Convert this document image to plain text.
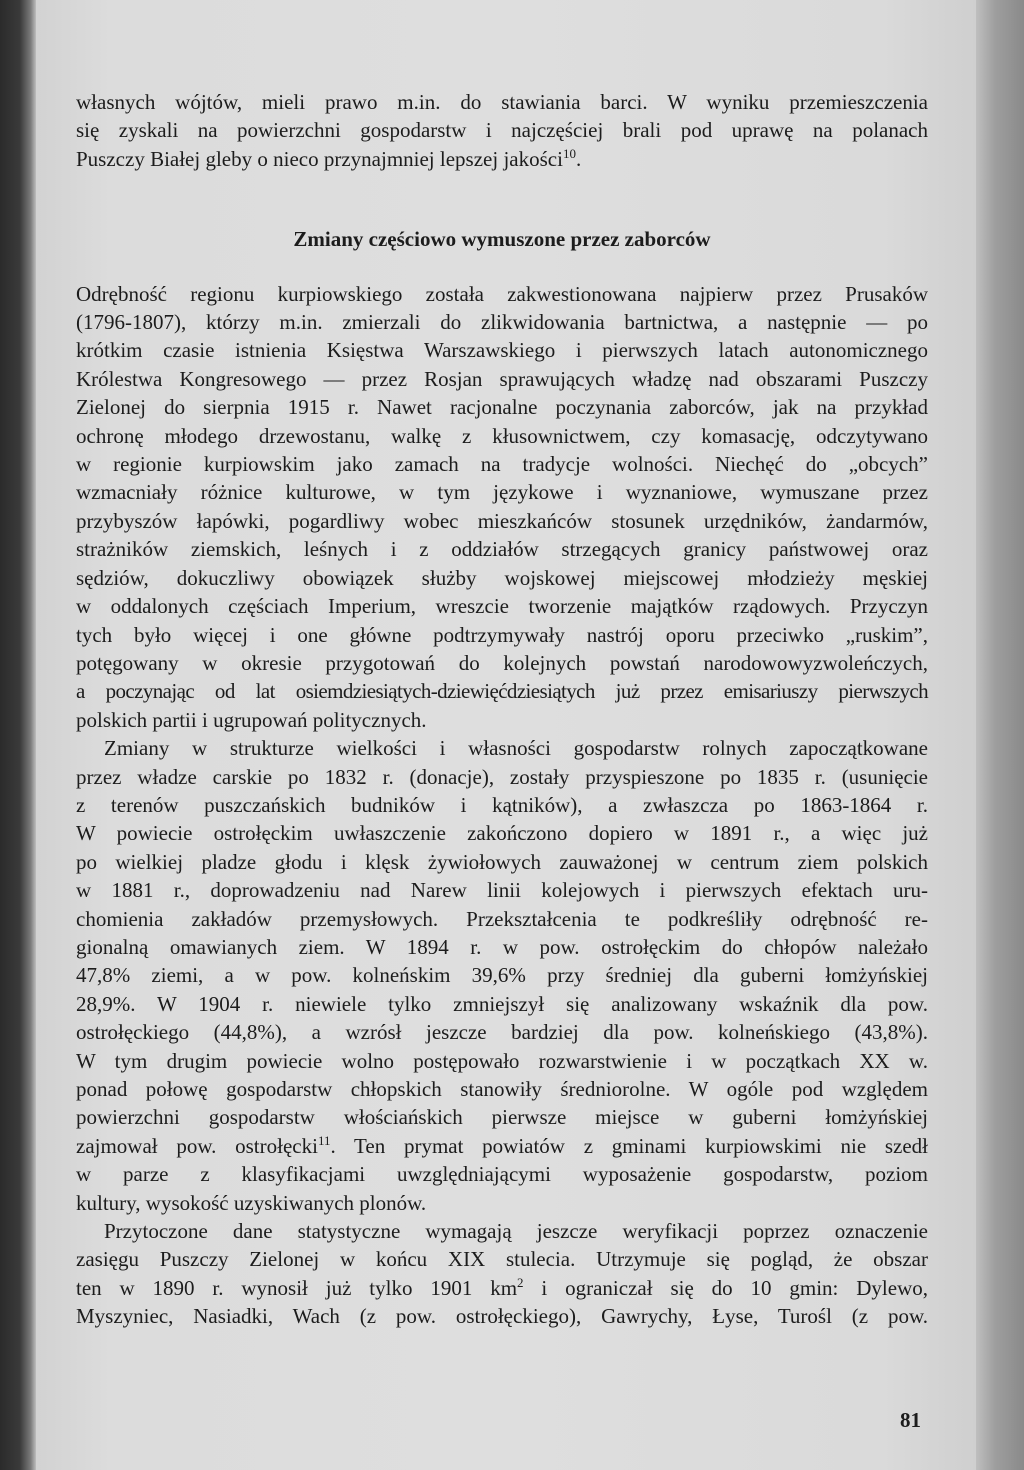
własnych wójtów, mieli prawo m.in. do stawiania barci. W wyniku przemieszczenia
się zyskali na powierzchni gospodarstw i najczęściej brali pod uprawę na polanach
Puszczy Białej gleby o nieco przynajmniej lepszej jakości$^{10}$.
Zmiany częściowo wymuszone przez zaborców
Odrębność regionu kurpiowskiego została zakwestionowana najpierw przez Prusaków
(1796-1807), którzy m.in. zmierzali do zlikwidowania bartnictwa, a następnie — po
krótkim czasie istnienia Księstwa Warszawskiego i pierwszych latach autonomicznego
Królestwa Kongresowego — przez Rosjan sprawujących władzę nad obszarami Puszczy
Zielonej do sierpnia 1915 r. Nawet racjonalne poczynania zaborców, jak na przykład
ochronę młodego drzewostanu, walkę z kłusownictwem, czy komasację, odczytywano
w regionie kurpiowskim jako zamach na tradycje wolności. Niechęć do „obcych”
wzmacniały różnice kulturowe, w tym językowe i wyznaniowe, wymuszane przez
przybyszów łapówki, pogardliwy wobec mieszkańców stosunek urzędników, żandarmów,
strażników ziemskich, leśnych i z oddziałów strzegących granicy państwowej oraz
sędziów, dokuczliwy obowiązek służby wojskowej miejscowej młodzieży męskiej
w oddalonych częściach Imperium, wreszcie tworzenie majątków rządowych. Przyczyn
tych było więcej i one główne podtrzymywały nastrój oporu przeciwko „ruskim”,
potęgowany w okresie przygotowań do kolejnych powstań narodowowyzwoleńczych,
a poczynając od lat osiemdziesiątych-dziewięćdziesiątych już przez emisariuszy pierwszych
polskich partii i ugrupowań politycznych.
Zmiany w strukturze wielkości i własności gospodarstw rolnych zapoczątkowane
przez władze carskie po 1832 r. (donacje), zostały przyspieszone po 1835 r. (usunięcie
z terenów puszczańskich budników i kątników), a zwłaszcza po 1863-1864 r.
W powiecie ostrołęckim uwłaszczenie zakończono dopiero w 1891 r., a więc już
po wielkiej pladze głodu i klęsk żywiołowych zauważonej w centrum ziem polskich
w 1881 r., doprowadzeniu nad Narew linii kolejowych i pierwszych efektach uru-
chomienia zakładów przemysłowych. Przekształcenia te podkreśliły odrębność re-
gionalną omawianych ziem. W 1894 r. w pow. ostrołęckim do chłopów należało
47,8% ziemi, a w pow. kolneńskim 39,6% przy średniej dla guberni łomżyńskiej
28,9%. W 1904 r. niewiele tylko zmniejszył się analizowany wskaźnik dla pow.
ostrołęckiego (44,8%), a wzrósł jeszcze bardziej dla pow. kolneńskiego (43,8%).
W tym drugim powiecie wolno postępowało rozwarstwienie i w początkach XX w.
ponad połowę gospodarstw chłopskich stanowiły średniorolne. W ogóle pod względem
powierzchni gospodarstw włościańskich pierwsze miejsce w guberni łomżyńskiej
zajmował pow. ostrołęcki$^{11}$. Ten prymat powiatów z gminami kurpiowskimi nie szedł
w parze z klasyfikacjami uwzględniającymi wyposażenie gospodarstw, poziom
kultury, wysokość uzyskiwanych plonów.
Przytoczone dane statystyczne wymagają jeszcze weryfikacji poprzez oznaczenie
zasięgu Puszczy Zielonej w końcu XIX stulecia. Utrzymuje się pogląd, że obszar
ten w 1890 r. wynosił już tylko 1901 $km^2$ i ograniczał się do 10 gmin: Dylewo,
Myszyniec, Nasiadki, Wach (z pow. ostrołęckiego), Gawrychy, Łyse, Turośl (z pow.
81
